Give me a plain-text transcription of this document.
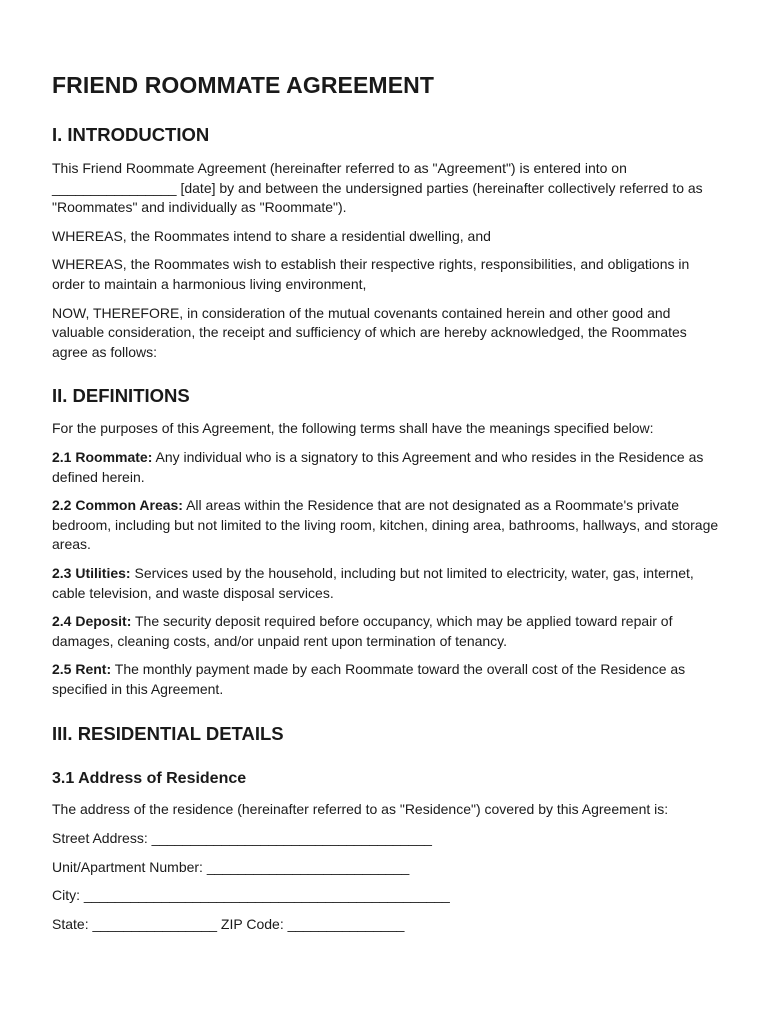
FRIEND ROOMMATE AGREEMENT
I. INTRODUCTION

This Friend Roommate Agreement (hereinafter referred to as "Agreement") is entered into on ________________ [date] by and between the undersigned parties (hereinafter collectively referred to as "Roommates" and individually as "Roommate").

WHEREAS, the Roommates intend to share a residential dwelling, and

WHEREAS, the Roommates wish to establish their respective rights, responsibilities, and obligations in order to maintain a harmonious living environment,

NOW, THEREFORE, in consideration of the mutual covenants contained herein and other good and valuable consideration, the receipt and sufficiency of which are hereby acknowledged, the Roommates agree as follows:

II. DEFINITIONS

For the purposes of this Agreement, the following terms shall have the meanings specified below:

2.1 Roommate: Any individual who is a signatory to this Agreement and who resides in the Residence as defined herein.

2.2 Common Areas: All areas within the Residence that are not designated as a Roommate's private bedroom, including but not limited to the living room, kitchen, dining area, bathrooms, hallways, and storage areas.

2.3 Utilities: Services used by the household, including but not limited to electricity, water, gas, internet, cable television, and waste disposal services.

2.4 Deposit: The security deposit required before occupancy, which may be applied toward repair of damages, cleaning costs, and/or unpaid rent upon termination of tenancy.

2.5 Rent: The monthly payment made by each Roommate toward the overall cost of the Residence as specified in this Agreement.

III. RESIDENTIAL DETAILS
3.1 Address of Residence

The address of the residence (hereinafter referred to as "Residence") covered by this Agreement is:

Street Address: ____________________________________

Unit/Apartment Number: __________________________

City: _______________________________________________

State: ________________ ZIP Code: _______________
